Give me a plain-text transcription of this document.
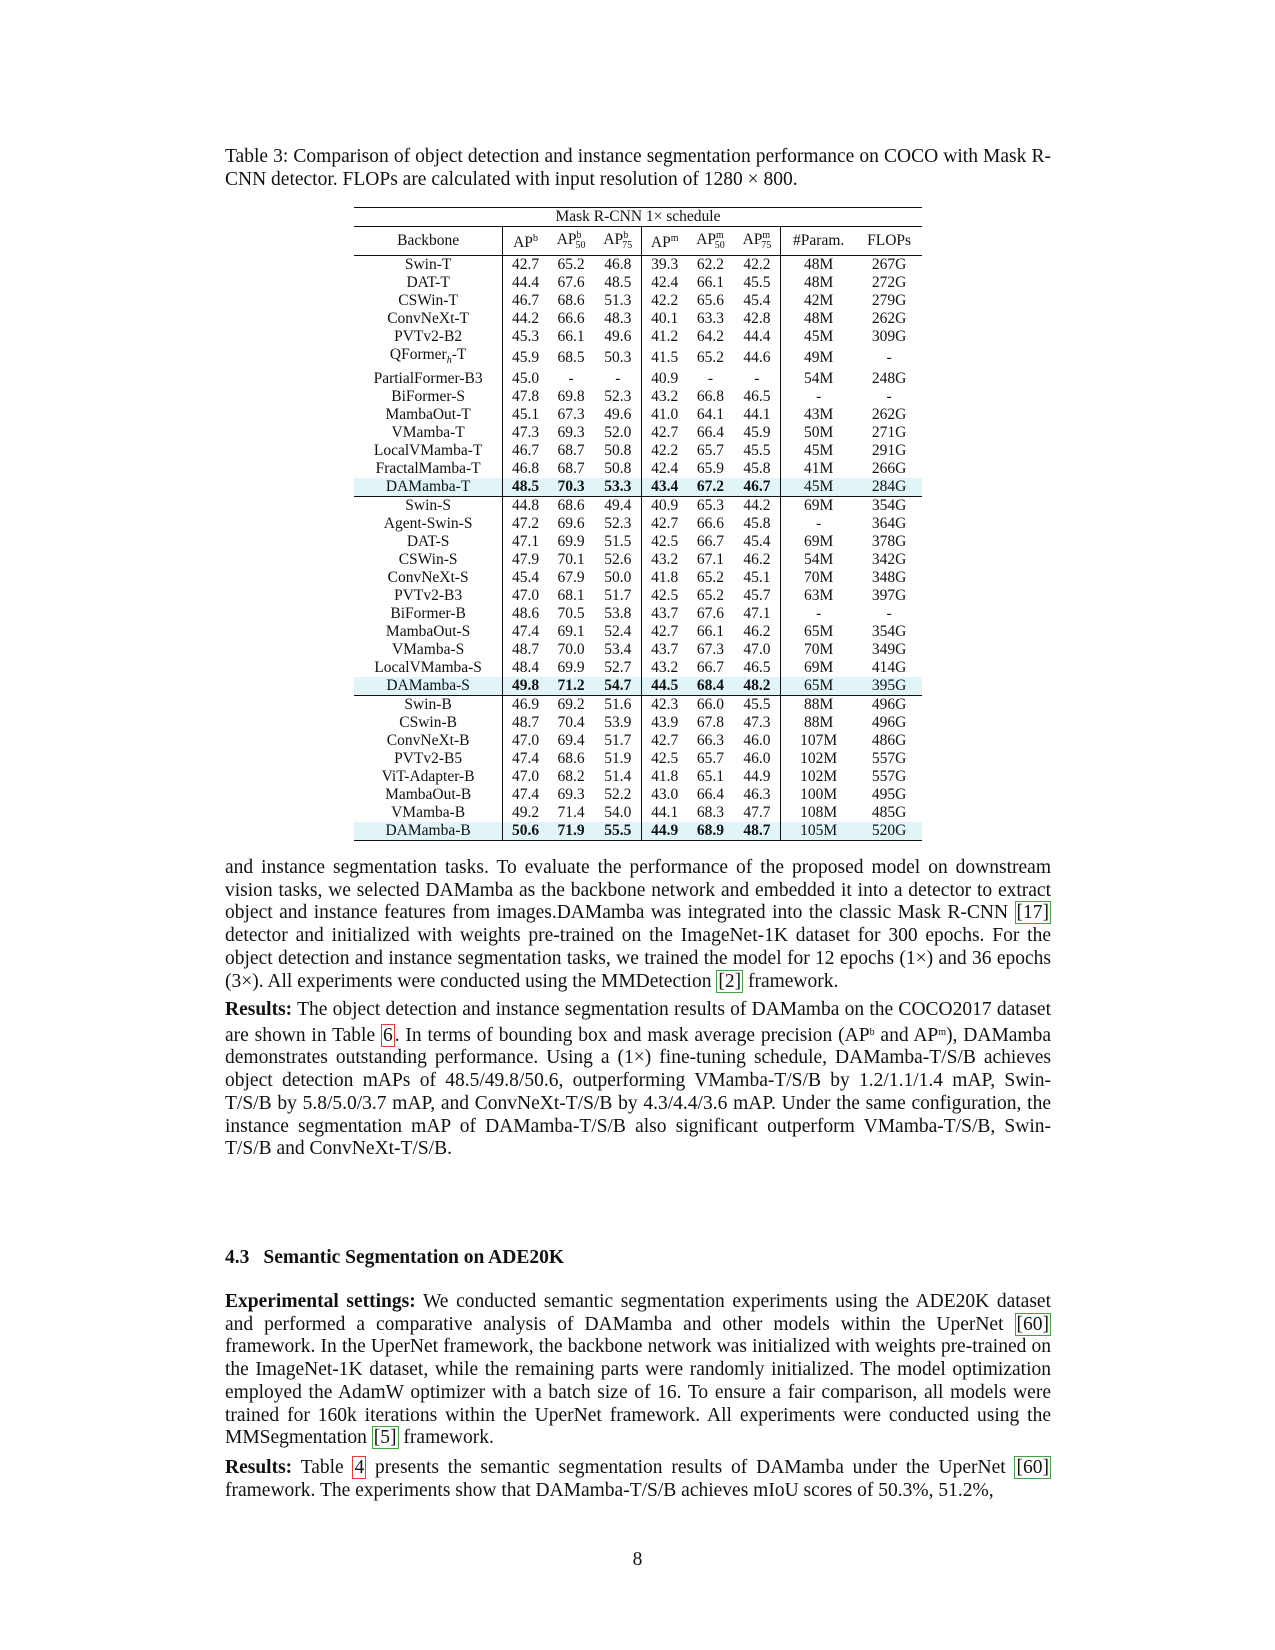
Table 3: Comparison of object detection and instance segmentation performance on COCO with Mask R-CNN detector. FLOPs are calculated with input resolution of 1280 × 800.
Mask R-CNN 1× schedule								
Backbone	$AP^b$	$AP^b_{50}$	$AP^b_{75}$	$AP^m$	$AP^m_{50}$	$AP^m_{75}$	#Param.	FLOPs
Swin-T	42.7	65.2	46.8	39.3	62.2	42.2	48M	267G
DAT-T	44.4	67.6	48.5	42.4	66.1	45.5	48M	272G
CSWin-T	46.7	68.6	51.3	42.2	65.6	45.4	42M	279G
ConvNeXt-T	44.2	66.6	48.3	40.1	63.3	42.8	48M	262G
PVTv2-B2	45.3	66.1	49.6	41.2	64.2	44.4	45M	309G
QFormer$_h$-T	45.9	68.5	50.3	41.5	65.2	44.6	49M	-
PartialFormer-B3	45.0	-	-	40.9	-	-	54M	248G
BiFormer-S	47.8	69.8	52.3	43.2	66.8	46.5	-	-
MambaOut-T	45.1	67.3	49.6	41.0	64.1	44.1	43M	262G
VMamba-T	47.3	69.3	52.0	42.7	66.4	45.9	50M	271G
LocalVMamba-T	46.7	68.7	50.8	42.2	65.7	45.5	45M	291G
FractalMamba-T	46.8	68.7	50.8	42.4	65.9	45.8	41M	266G
DAMamba-T	48.5	70.3	53.3	43.4	67.2	46.7	45M	284G
Swin-S	44.8	68.6	49.4	40.9	65.3	44.2	69M	354G
Agent-Swin-S	47.2	69.6	52.3	42.7	66.6	45.8	-	364G
DAT-S	47.1	69.9	51.5	42.5	66.7	45.4	69M	378G
CSWin-S	47.9	70.1	52.6	43.2	67.1	46.2	54M	342G
ConvNeXt-S	45.4	67.9	50.0	41.8	65.2	45.1	70M	348G
PVTv2-B3	47.0	68.1	51.7	42.5	65.2	45.7	63M	397G
BiFormer-B	48.6	70.5	53.8	43.7	67.6	47.1	-	-
MambaOut-S	47.4	69.1	52.4	42.7	66.1	46.2	65M	354G
VMamba-S	48.7	70.0	53.4	43.7	67.3	47.0	70M	349G
LocalVMamba-S	48.4	69.9	52.7	43.2	66.7	46.5	69M	414G
DAMamba-S	49.8	71.2	54.7	44.5	68.4	48.2	65M	395G
Swin-B	46.9	69.2	51.6	42.3	66.0	45.5	88M	496G
CSwin-B	48.7	70.4	53.9	43.9	67.8	47.3	88M	496G
ConvNeXt-B	47.0	69.4	51.7	42.7	66.3	46.0	107M	486G
PVTv2-B5	47.4	68.6	51.9	42.5	65.7	46.0	102M	557G
ViT-Adapter-B	47.0	68.2	51.4	41.8	65.1	44.9	102M	557G
MambaOut-B	47.4	69.3	52.2	43.0	66.4	46.3	100M	495G
VMamba-B	49.2	71.4	54.0	44.1	68.3	47.7	108M	485G
DAMamba-B	50.6	71.9	55.5	44.9	68.9	48.7	105M	520G

and instance segmentation tasks. To evaluate the performance of the proposed model on downstream vision tasks, we selected DAMamba as the backbone network and embedded it into a detector to extract object and instance features from images.DAMamba was integrated into the classic Mask R-CNN [17] detector and initialized with weights pre-trained on the ImageNet-1K dataset for 300 epochs. For the object detection and instance segmentation tasks, we trained the model for 12 epochs (1×) and 36 epochs (3×). All experiments were conducted using the MMDetection [2] framework.

Results: The object detection and instance segmentation results of DAMamba on the COCO2017 dataset are shown in Table 6 . In terms of bounding box and mask average precision ($AP^b$ and $AP^m$), DAMamba demonstrates outstanding performance. Using a (1×) fine-tuning schedule, DAMamba-T/S/B achieves object detection mAPs of 48.5/49.8/50.6, outperforming VMamba-T/S/B by 1.2/1.1/1.4 mAP, Swin-T/S/B by 5.8/5.0/3.7 mAP, and ConvNeXt-T/S/B by 4.3/4.4/3.6 mAP. Under the same configuration, the instance segmentation mAP of DAMamba-T/S/B also significant outperform VMamba-T/S/B, Swin-T/S/B and ConvNeXt-T/S/B.

4.3 Semantic Segmentation on ADE20K

Experimental settings: We conducted semantic segmentation experiments using the ADE20K dataset and performed a comparative analysis of DAMamba and other models within the UperNet [60] framework. In the UperNet framework, the backbone network was initialized with weights pre-trained on the ImageNet-1K dataset, while the remaining parts were randomly initialized. The model optimization employed the AdamW optimizer with a batch size of 16. To ensure a fair comparison, all models were trained for 160k iterations within the UperNet framework. All experiments were conducted using the MMSegmentation [5] framework.

Results: Table 4 presents the semantic segmentation results of DAMamba under the UperNet [60] framework. The experiments show that DAMamba-T/S/B achieves mIoU scores of 50.3%, 51.2%,

8
